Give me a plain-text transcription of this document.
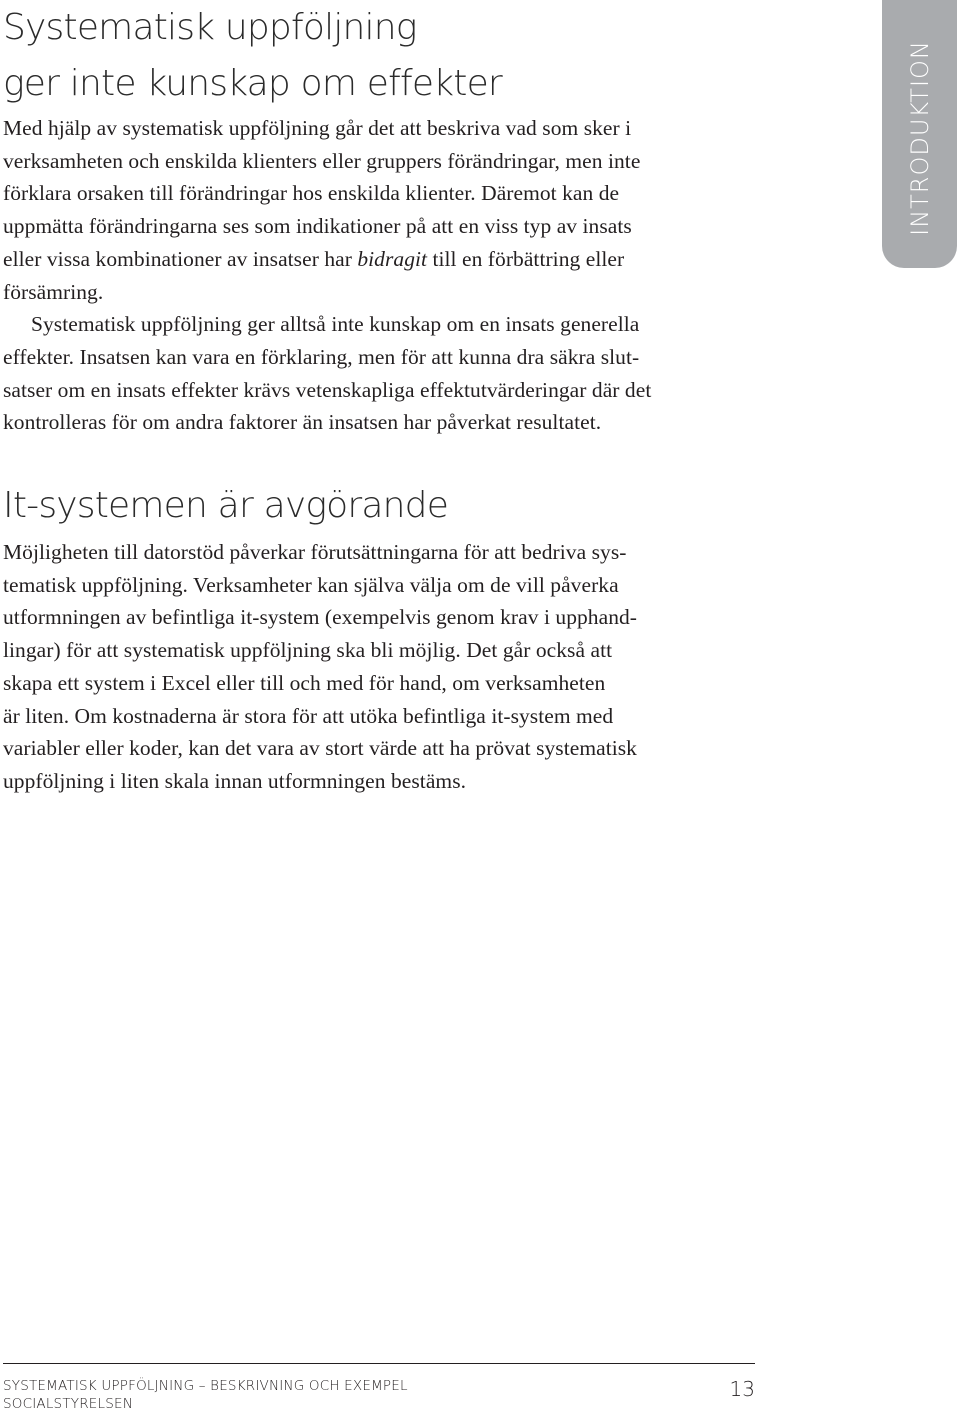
Systematisk uppföljning
ger inte kunskap om effekter
Med hjälp av systematisk uppföljning går det att beskriva vad som sker i
verksamheten och enskilda klienters eller gruppers förändringar, men inte
förklara orsaken till förändringar hos enskilda klienter. Däremot kan de
uppmätta förändringarna ses som indikationer på att en viss typ av insats
eller vissa kombinationer av insatser har bidragit till en förbättring eller
försämring.
Systematisk uppföljning ger alltså inte kunskap om en insats generella
effekter. Insatsen kan vara en förklaring, men för att kunna dra säkra slut-
satser om en insats effekter krävs vetenskapliga effektutvärderingar där det
kontrolleras för om andra faktorer än insatsen har påverkat resultatet.
It-systemen är avgörande
Möjligheten till datorstöd påverkar förutsättningarna för att bedriva sys-
tematisk uppföljning. Verksamheter kan själva välja om de vill påverka
utformningen av befintliga it-system (exempelvis genom krav i upphand-
lingar) för att systematisk uppföljning ska bli möjlig. Det går också att
skapa ett system i Excel eller till och med för hand, om verksamheten
är liten. Om kostnaderna är stora för att utöka befintliga it-system med
variabler eller koder, kan det vara av stort värde att ha prövat systematisk
uppföljning i liten skala innan utformningen bestäms.
INTRODUKTION
SYSTEMATISK UPPFÖLJNING – BESKRIVNING OCH EXEMPEL
SOCIALSTYRELSEN
13
